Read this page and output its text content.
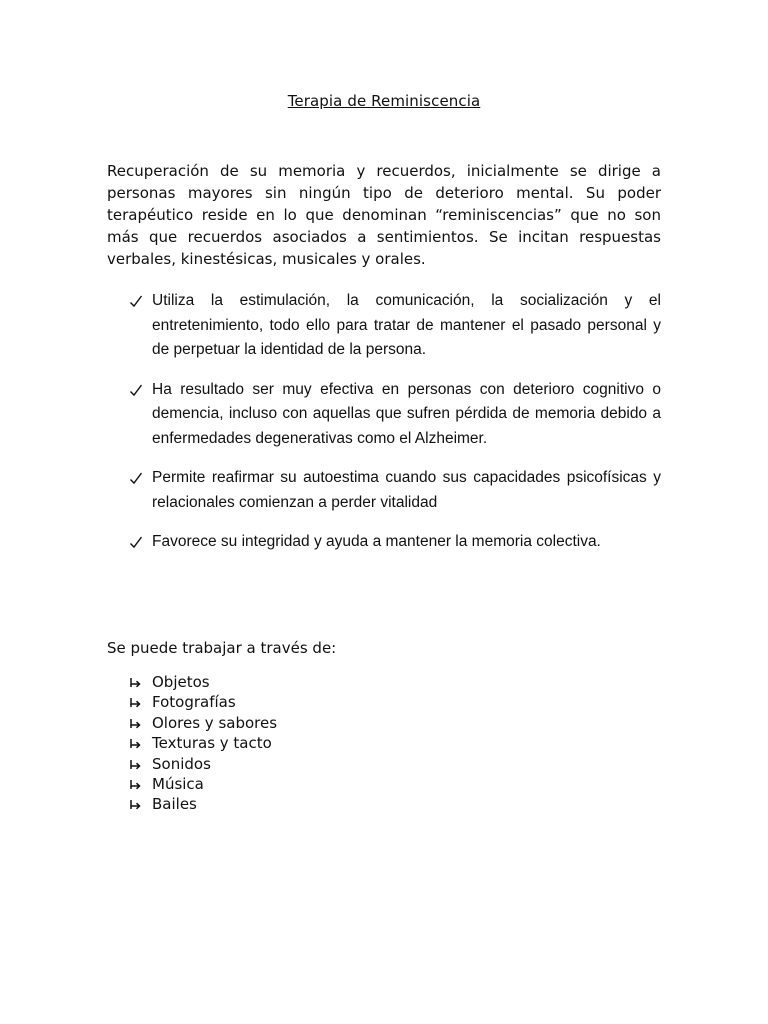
Terapia de Reminiscencia

Recuperación de su memoria y recuerdos, inicialmente se dirige a personas mayores sin ningún tipo de deterioro mental. Su poder terapéutico reside en lo que denominan “reminiscencias” que no son más que recuerdos asociados a sentimientos. Se incitan respuestas verbales, kinestésicas, musicales y orales.

Utiliza la estimulación, la comunicación, la socialización y el entretenimiento, todo ello para tratar de mantener el pasado personal y de perpetuar la identidad de la persona.
Ha resultado ser muy efectiva en personas con deterioro cognitivo o demencia, incluso con aquellas que sufren pérdida de memoria debido a enfermedades degenerativas como el Alzheimer.
Permite reafirmar su autoestima cuando sus capacidades psicofísicas y relacionales comienzan a perder vitalidad
Favorece su integridad y ayuda a mantener la memoria colectiva.

Se puede trabajar a través de:

Objetos
Fotografías
Olores y sabores
Texturas y tacto
Sonidos
Música
Bailes
